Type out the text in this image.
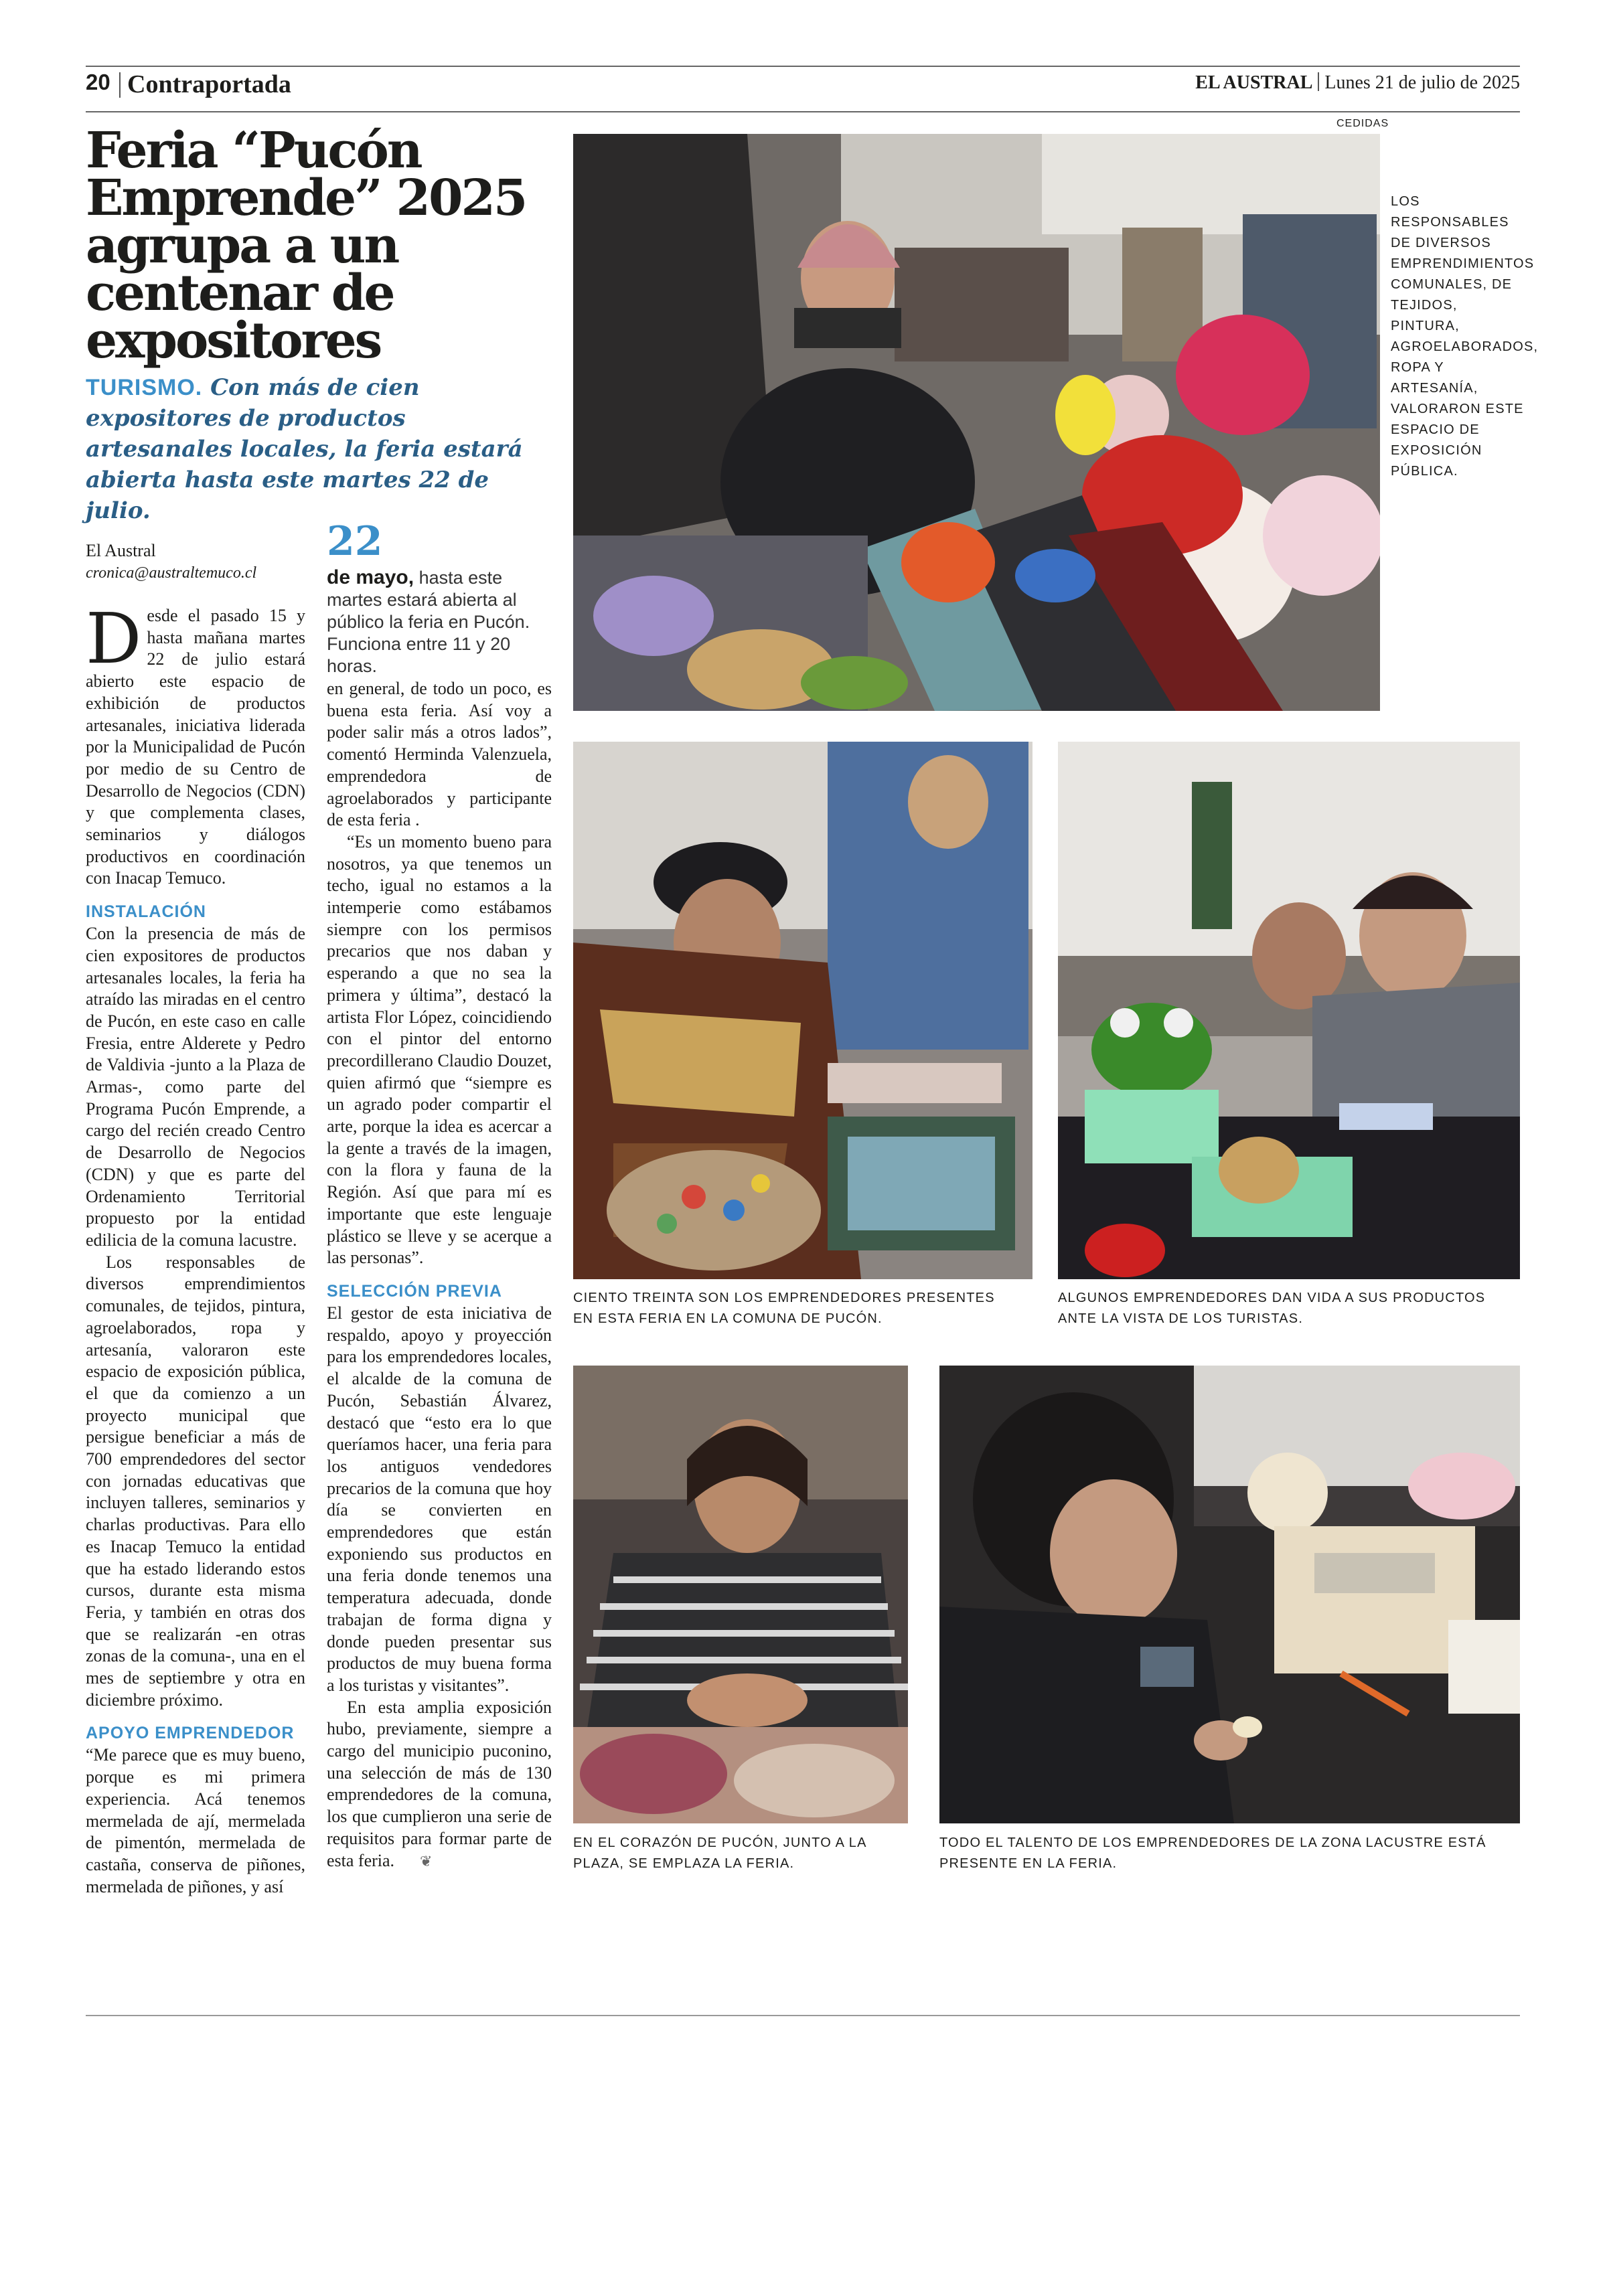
20 Contraportada	EL AUSTRAL Lunes 21 de julio de 2025
Feria “Pucón Emprende” 2025 agrupa a un centenar de expositores

TURISMO. Con más de cien expositores de productos artesanales locales, la feria estará abierta hasta este martes 22 de julio.

El Austral
cronica@australtemuco.cl
22

de mayo, hasta este martes estará abierta al público la feria en Pucón. Funciona entre 11 y 20 horas.

Desde el pasado 15 y hasta mañana martes 22 de julio estará abierto este espacio de exhibición de productos artesanales, iniciativa liderada por la Municipalidad de Pucón por medio de su Centro de Desarrollo de Negocios (CDN) y que complementa clases, seminarios y diálogos productivos en coordinación con Inacap Temuco.

INSTALACIÓN

Con la presencia de más de cien expositores de productos artesanales locales, la feria ha atraído las miradas en el centro de Pucón, en este caso en calle Fresia, entre Alderete y Pedro de Valdivia -junto a la Plaza de Armas-, como parte del Programa Pucón Emprende, a cargo del recién creado Centro de Desarrollo de Negocios (CDN) y que es parte del Ordenamiento Territorial propuesto por la entidad edilicia de la comuna lacustre.

Los responsables de diversos emprendimientos comunales, de tejidos, pintura, agroelaborados, ropa y artesanía, valoraron este espacio de exposición pública, el que da comienzo a un proyecto municipal que persigue beneficiar a más de 700 emprendedores del sector con jornadas educativas que incluyen talleres, seminarios y charlas productivas. Para ello es Inacap Temuco la entidad que ha estado liderando estos cursos, durante esta misma Feria, y también en otras dos que se realizarán -en otras zonas de la comuna-, una en el mes de septiembre y otra en diciembre próximo.

APOYO EMPRENDEDOR

“Me parece que es muy bueno, porque es mi primera experiencia. Acá tenemos mermelada de ají, mermelada de pimentón, mermelada de castaña, conserva de piñones, mermelada de piñones, y así

en general, de todo un poco, es buena esta feria. Así voy a poder salir más a otros lados”, comentó Herminda Valenzuela, emprendedora de agroelaborados y participante de esta feria .

“Es un momento bueno para nosotros, ya que tenemos un techo, igual no estamos a la intemperie como estábamos siempre con los permisos precarios que nos daban y esperando a que no sea la primera y última”, destacó la artista Flor López, coincidiendo con el pintor del entorno precordillerano Claudio Douzet, quien afirmó que “siempre es un agrado poder compartir el arte, porque la idea es acercar a la gente a través de la imagen, con la flora y fauna de la Región. Así que para mí es importante que este lenguaje plástico se lleve y se acerque a las personas”.

SELECCIÓN PREVIA

El gestor de esta iniciativa de respaldo, apoyo y proyección para los emprendedores locales, el alcalde de la comuna de Pucón, Sebastián Álvarez, destacó que “esto era lo que queríamos hacer, una feria para los antiguos vendedores precarios de la comuna que hoy día se convierten en emprendedores que están exponiendo sus productos en una feria donde tenemos una temperatura adecuada, donde trabajan de forma digna y donde pueden presentar sus productos de muy buena forma a los turistas y visitantes”.

En esta amplia exposición hubo, previamente, siempre a cargo del municipio puconino, una selección de más de 130 emprendedores de la comuna, los que cumplieron una serie de requisitos para formar parte de esta feria. ❦

CEDIDAS

LOS RESPONSABLES DE DIVERSOS EMPRENDIMIENTOS COMUNALES, DE TEJIDOS, PINTURA, AGROELABORADOS, ROPA Y ARTESANÍA, VALORARON ESTE ESPACIO DE EXPOSICIÓN PÚBLICA.

CIENTO TREINTA SON LOS EMPRENDEDORES PRESENTES EN ESTA FERIA EN LA COMUNA DE PUCÓN.

ALGUNOS EMPRENDEDORES DAN VIDA A SUS PRODUCTOS ANTE LA VISTA DE LOS TURISTAS.

EN EL CORAZÓN DE PUCÓN, JUNTO A LA PLAZA, SE EMPLAZA LA FERIA.

TODO EL TALENTO DE LOS EMPRENDEDORES DE LA ZONA LACUSTRE ESTÁ PRESENTE EN LA FERIA.
